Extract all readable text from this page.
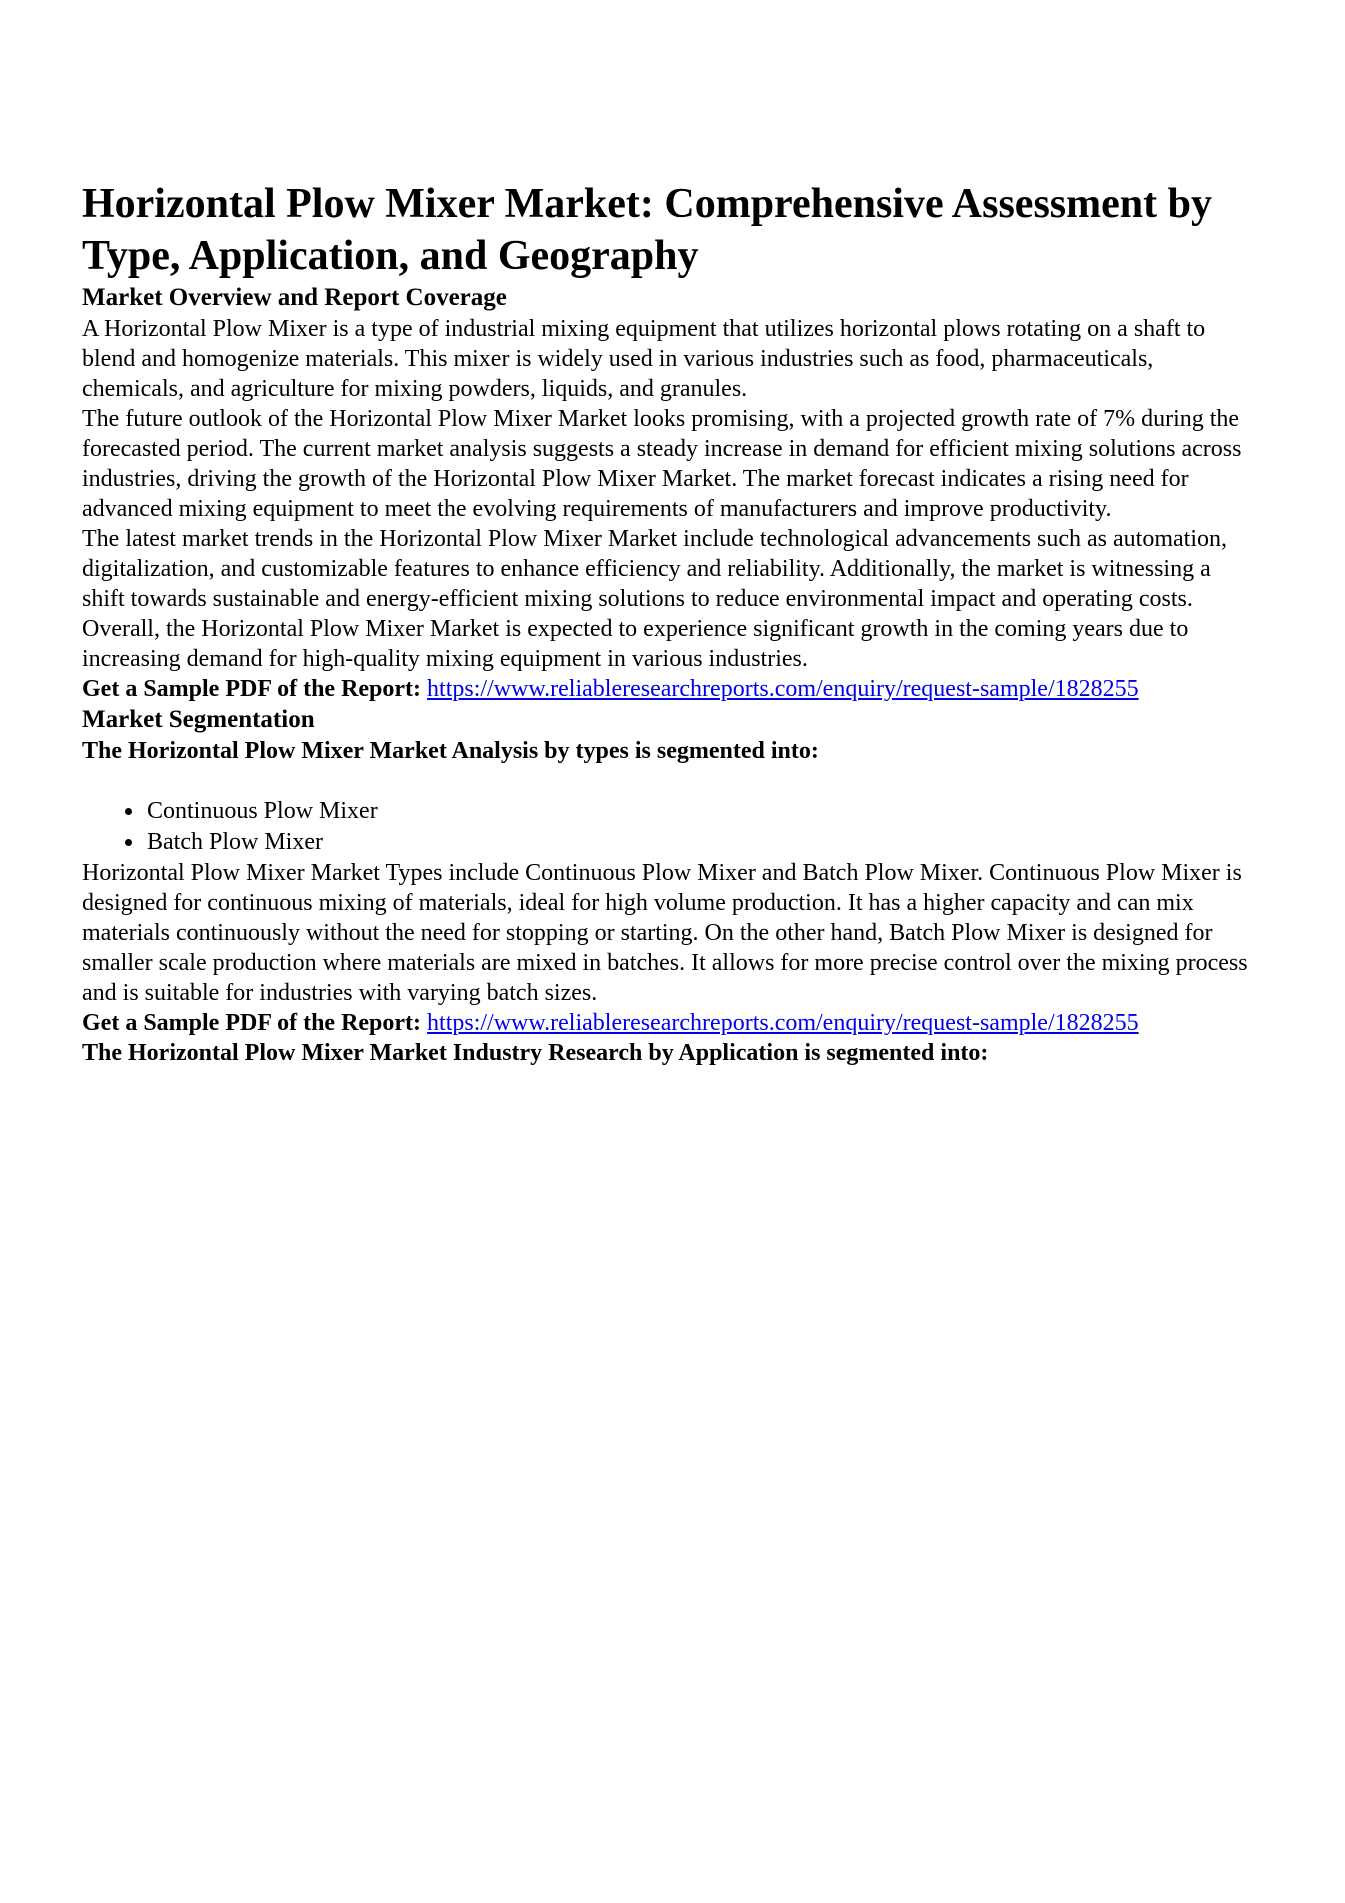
Horizontal Plow Mixer Market: Comprehensive Assessment by Type, Application, and Geography
Market Overview and Report Coverage

A Horizontal Plow Mixer is a type of industrial mixing equipment that utilizes horizontal plows rotating on a shaft to blend and homogenize materials. This mixer is widely used in various industries such as food, pharmaceuticals, chemicals, and agriculture for mixing powders, liquids, and granules.

The future outlook of the Horizontal Plow Mixer Market looks promising, with a projected growth rate of 7% during the forecasted period. The current market analysis suggests a steady increase in demand for efficient mixing solutions across industries, driving the growth of the Horizontal Plow Mixer Market. The market forecast indicates a rising need for advanced mixing equipment to meet the evolving requirements of manufacturers and improve productivity.

The latest market trends in the Horizontal Plow Mixer Market include technological advancements such as automation, digitalization, and customizable features to enhance efficiency and reliability. Additionally, the market is witnessing a shift towards sustainable and energy-efficient mixing solutions to reduce environmental impact and operating costs. Overall, the Horizontal Plow Mixer Market is expected to experience significant growth in the coming years due to increasing demand for high-quality mixing equipment in various industries.

Get a Sample PDF of the Report: https://www.reliableresearchreports.com/enquiry/request-sample/1828255

Market Segmentation

The Horizontal Plow Mixer Market Analysis by types is segmented into:

• Continuous Plow Mixer
• Batch Plow Mixer

Horizontal Plow Mixer Market Types include Continuous Plow Mixer and Batch Plow Mixer. Continuous Plow Mixer is designed for continuous mixing of materials, ideal for high volume production. It has a higher capacity and can mix materials continuously without the need for stopping or starting. On the other hand, Batch Plow Mixer is designed for smaller scale production where materials are mixed in batches. It allows for more precise control over the mixing process and is suitable for industries with varying batch sizes.

Get a Sample PDF of the Report: https://www.reliableresearchreports.com/enquiry/request-sample/1828255

The Horizontal Plow Mixer Market Industry Research by Application is segmented into:
